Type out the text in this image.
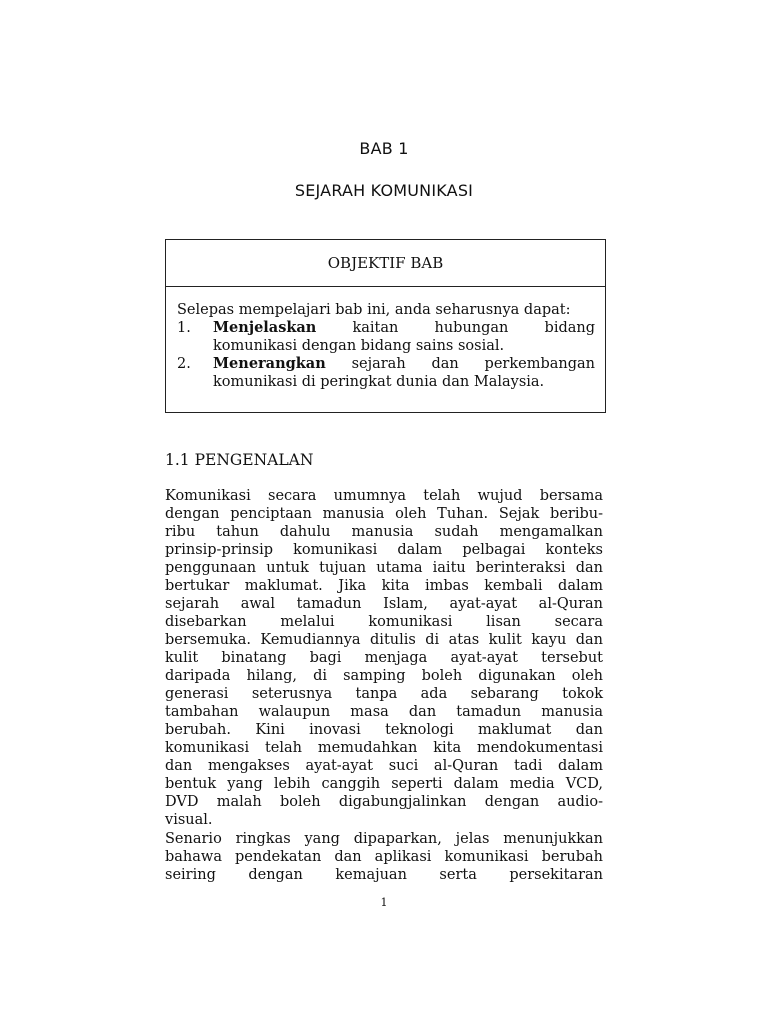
BAB 1
SEJARAH KOMUNIKASI
OBJEKTIF BAB
Selepas mempelajari bab ini, anda seharusnya dapat:
1.	Menjelaskan kaitan hubungan bidang
komunikasi dengan bidang sains sosial.
2.	Menerangkan sejarah dan perkembangan
komunikasi di peringkat dunia dan Malaysia.
1.1 PENGENALAN
Komunikasi secara umumnya telah wujud bersama
dengan penciptaan manusia oleh Tuhan. Sejak beribu-
ribu tahun dahulu manusia sudah mengamalkan
prinsip-prinsip komunikasi dalam pelbagai konteks
penggunaan untuk tujuan utama iaitu berinteraksi dan
bertukar maklumat. Jika kita imbas kembali dalam
sejarah awal tamadun Islam, ayat-ayat al-Quran
disebarkan melalui komunikasi lisan secara
bersemuka. Kemudiannya ditulis di atas kulit kayu dan
kulit binatang bagi menjaga ayat-ayat tersebut
daripada hilang, di samping boleh digunakan oleh
generasi seterusnya tanpa ada sebarang tokok
tambahan walaupun masa dan tamadun manusia
berubah. Kini inovasi teknologi maklumat dan
komunikasi telah memudahkan kita mendokumentasi
dan mengakses ayat-ayat suci al-Quran tadi dalam
bentuk yang lebih canggih seperti dalam media VCD,
DVD malah boleh digabungjalinkan dengan audio-
visual.
Senario ringkas yang dipaparkan, jelas menunjukkan
bahawa pendekatan dan aplikasi komunikasi berubah
seiring dengan kemajuan serta persekitaran
1
